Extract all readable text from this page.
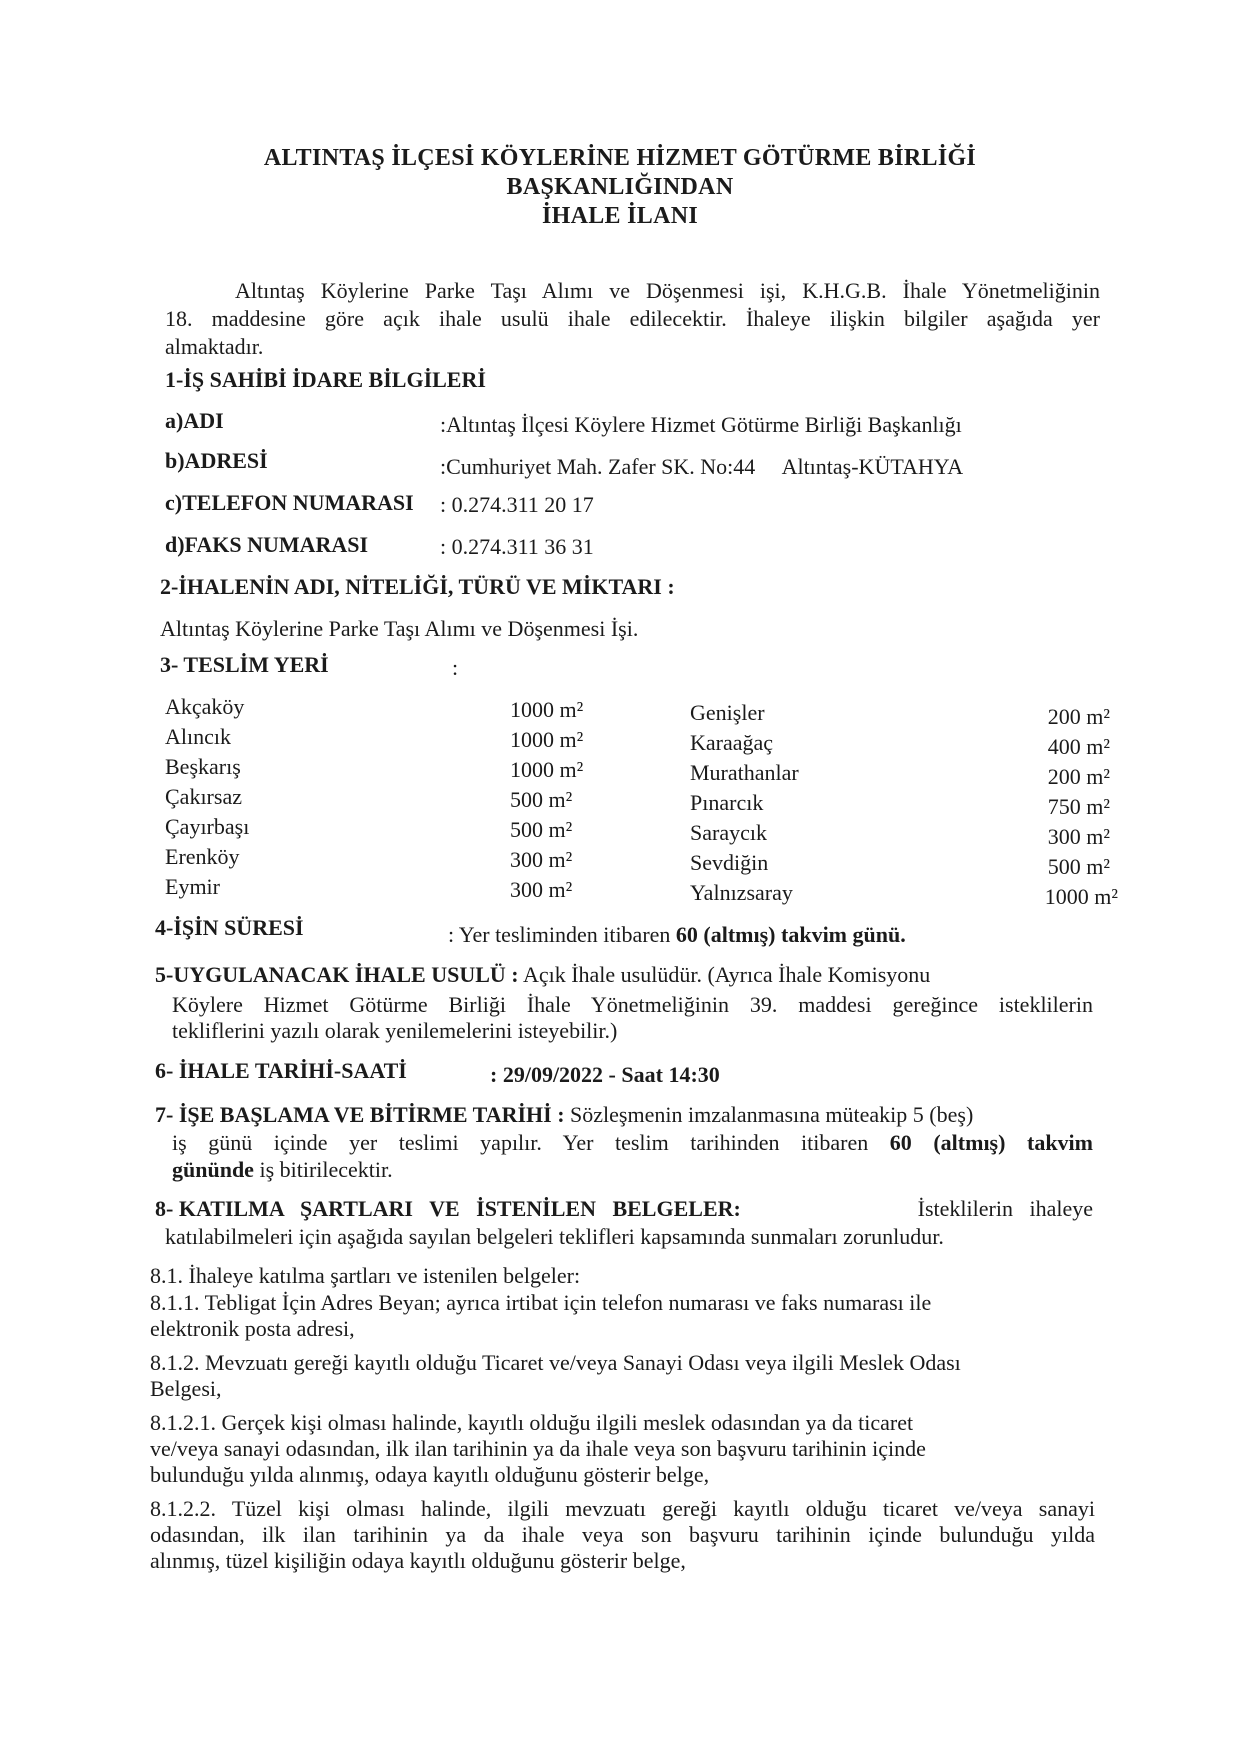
ALTINTAŞ İLÇESİ KÖYLERİNE HİZMET GÖTÜRME BİRLİĞİ
BAŞKANLIĞINDAN
İHALE İLANI
Altıntaş Köylerine Parke Taşı Alımı ve Döşenmesi işi, K.H.G.B. İhale Yönetmeliğinin
18. maddesine göre açık ihale usulü ihale edilecektir. İhaleye ilişkin bilgiler aşağıda yer
almaktadır.
1-İŞ SAHİBİ İDARE BİLGİLERİ
a)ADI	:Altıntaş İlçesi Köylere Hizmet Götürme Birliği Başkanlığı
b)ADRESİ	:Cumhuriyet Mah. Zafer SK. No:44     Altıntaş-KÜTAHYA
c)TELEFON NUMARASI : 0.274.311 20 17
d)FAKS NUMARASI	: 0.274.311 36 31
2-İHALENİN ADI, NİTELİĞİ, TÜRÜ VE MİKTARI :
Altıntaş Köylerine Parke Taşı Alımı ve Döşenmesi İşi.
3- TESLİM YERİ	:
Akçaköy	1000 m²
Alıncık	1000 m²
Beşkarış	1000 m²
Çakırsaz	500 m²
Çayırbaşı	500 m²
Erenköy	300 m²
Eymir	300 m²
Genişler	200 m²
Karaağaç	400 m²
Murathanlar	200 m²
Pınarcık	750 m²
Saraycık	300 m²
Sevdiğin	500 m²
Yalnızsaray	1000 m²
4-İŞİN SÜRESİ	: Yer tesliminden itibaren 60 (altmış) takvim günü.
5-UYGULANACAK İHALE USULÜ : Açık İhale usulüdür. (Ayrıca İhale Komisyonu
Köylere Hizmet Götürme Birliği İhale Yönetmeliğinin 39. maddesi gereğince isteklilerin
tekliflerini yazılı olarak yenilemelerini isteyebilir.)
6- İHALE TARİHİ-SAATİ	: 29/09/2022 - Saat 14:30
7- İŞE BAŞLAMA VE BİTİRME TARİHİ : Sözleşmenin imzalanmasına müteakip 5 (beş)
iş günü içinde yer teslimi yapılır. Yer teslim tarihinden itibaren 60 (altmış) takvim
gününde iş bitirilecektir.
8- KATILMA   ŞARTLARI   VE   İSTENİLEN   BELGELER:	İsteklilerin   ihaleye
katılabilmeleri için aşağıda sayılan belgeleri teklifleri kapsamında sunmaları zorunludur.
8.1. İhaleye katılma şartları ve istenilen belgeler:
8.1.1. Tebligat İçin Adres Beyan; ayrıca irtibat için telefon numarası ve faks numarası ile
elektronik posta adresi,
8.1.2. Mevzuatı gereği kayıtlı olduğu Ticaret ve/veya Sanayi Odası veya ilgili Meslek Odası
Belgesi,
8.1.2.1. Gerçek kişi olması halinde, kayıtlı olduğu ilgili meslek odasından ya da ticaret
ve/veya sanayi odasından, ilk ilan tarihinin ya da ihale veya son başvuru tarihinin içinde
bulunduğu yılda alınmış, odaya kayıtlı olduğunu gösterir belge,
8.1.2.2. Tüzel kişi olması halinde, ilgili mevzuatı gereği kayıtlı olduğu ticaret ve/veya sanayi
odasından, ilk ilan tarihinin ya da ihale veya son başvuru tarihinin içinde bulunduğu yılda
alınmış, tüzel kişiliğin odaya kayıtlı olduğunu gösterir belge,
